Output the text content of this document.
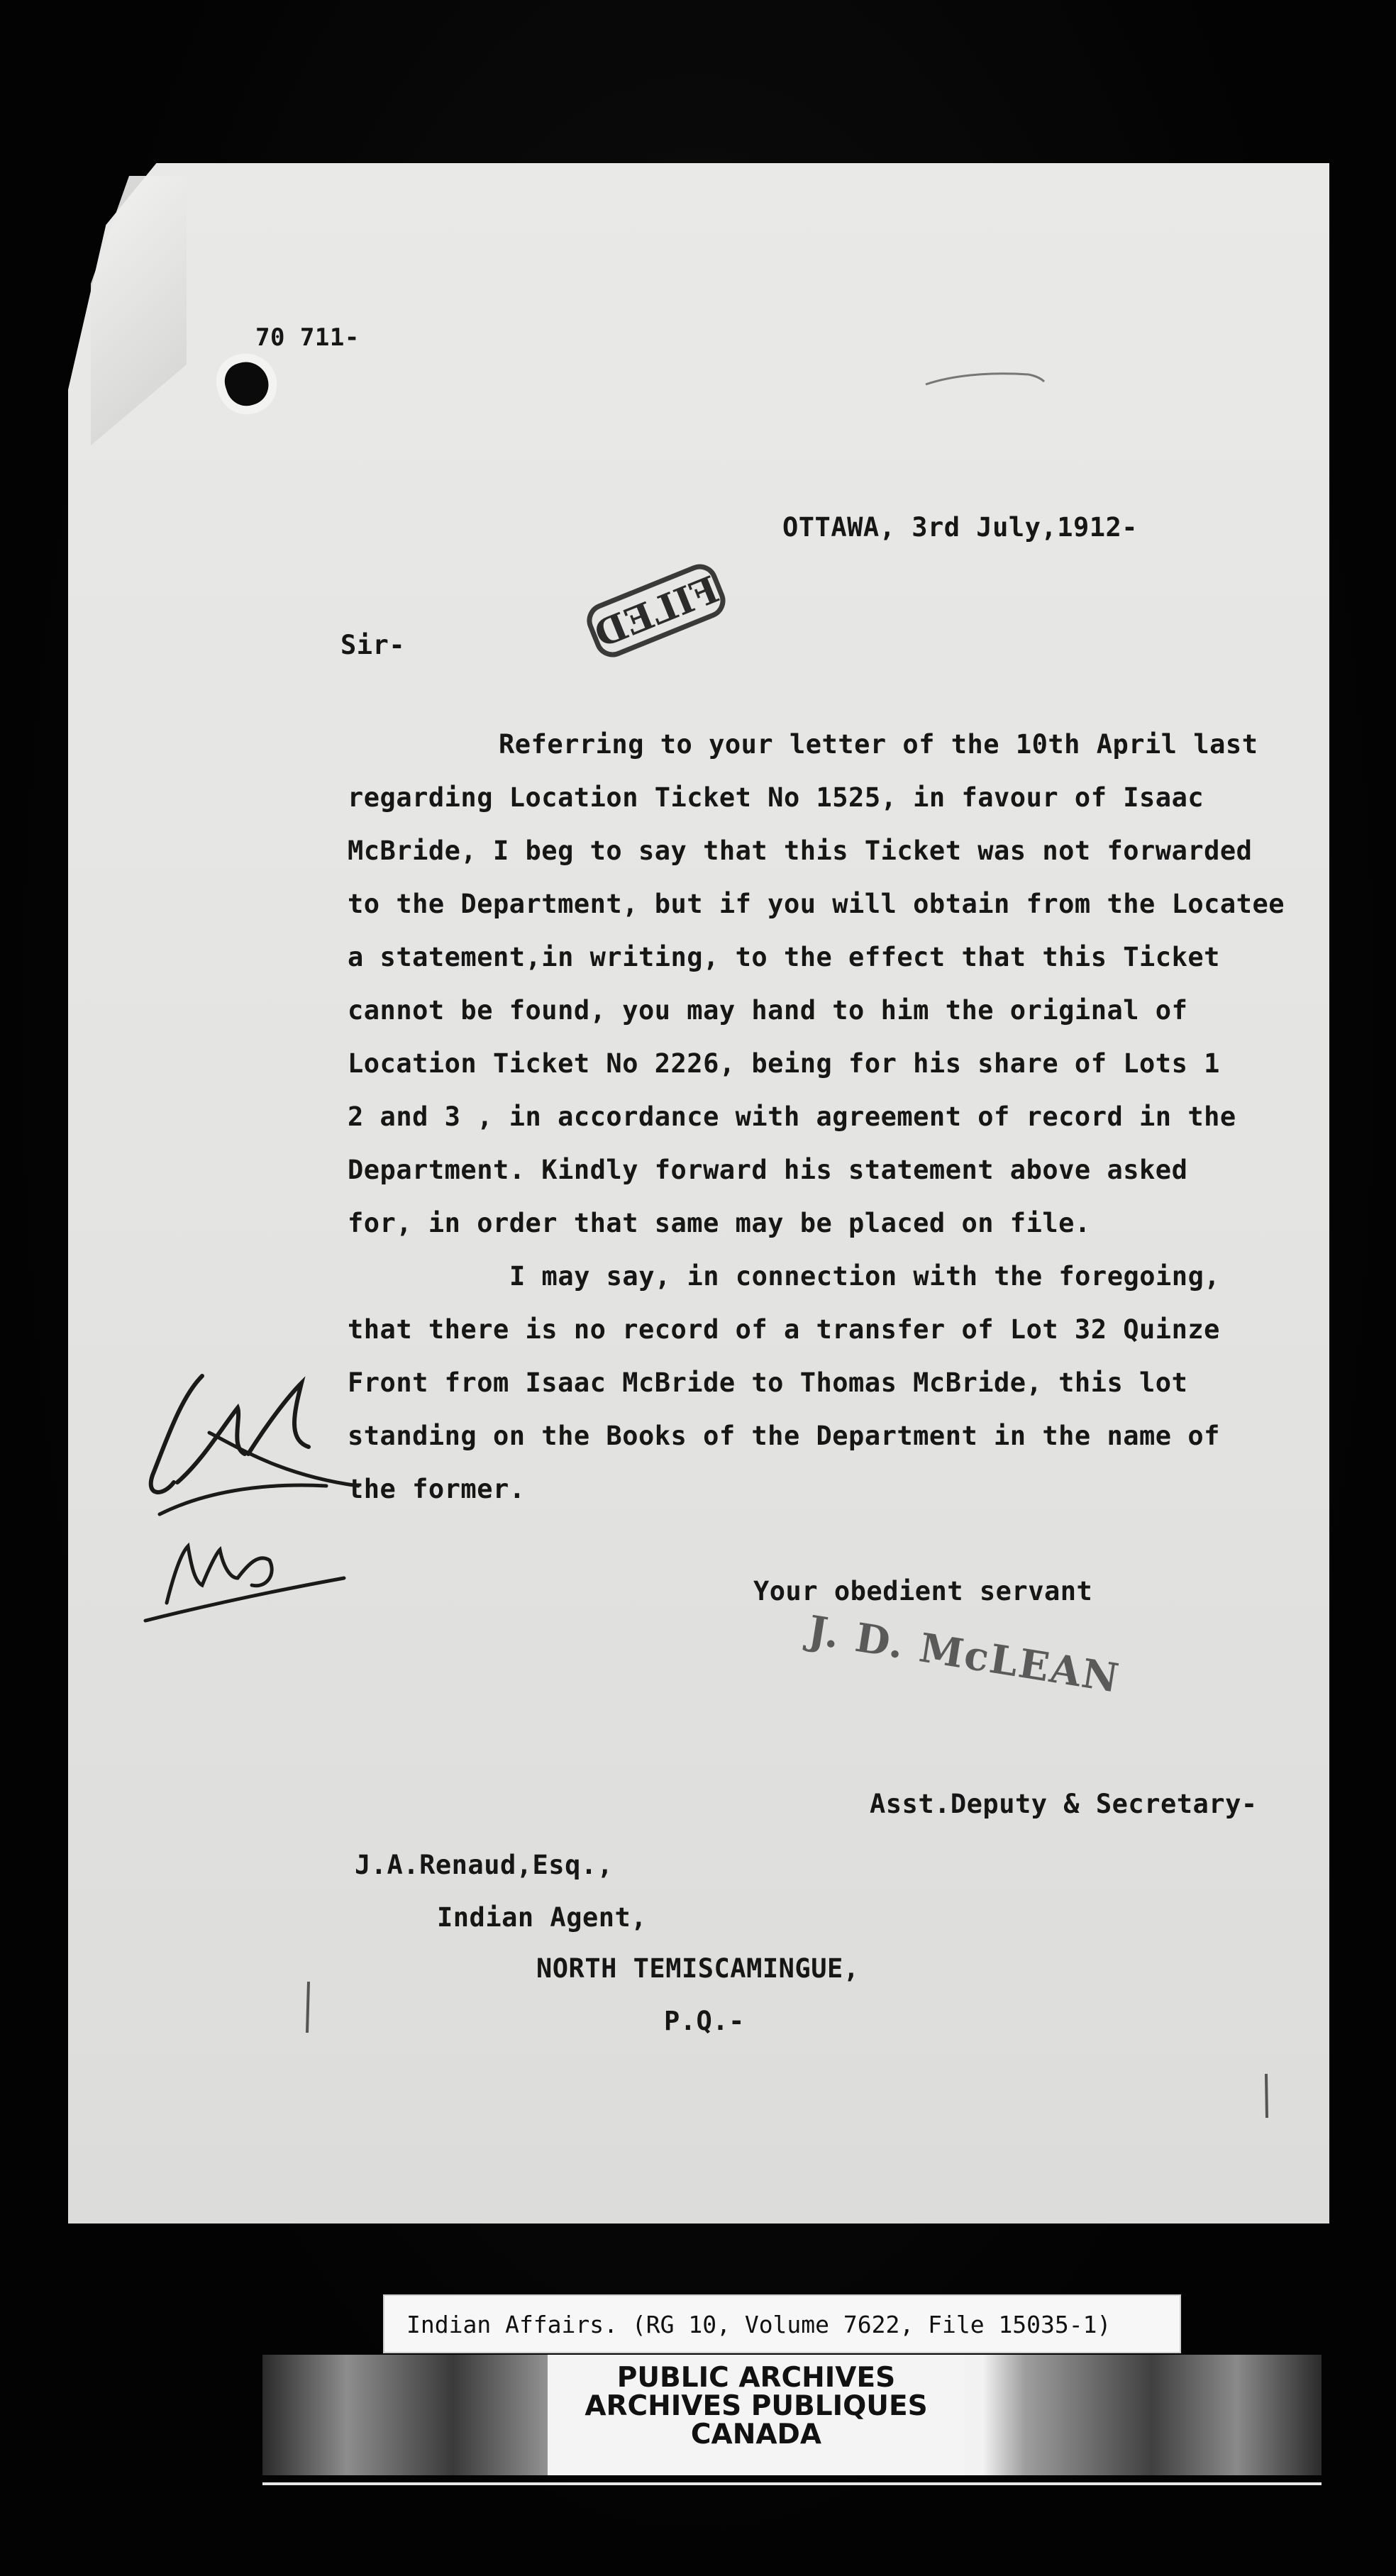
70 711-

OTTAWA, 3rd July,1912-

Sir-	FILED

Referring to your letter of the 10th April last

regarding Location Ticket No 1525, in favour of Isaac

McBride, I beg to say that this Ticket was not forwarded

to the Department, but if you will obtain from the Locatee

a statement,in writing, to the effect that this Ticket

cannot be found, you may hand to him the original of

Location Ticket No 2226, being for his share of Lots 1

2 and 3 , in accordance with agreement of record in the

Department. Kindly forward his statement above asked

for, in order that same may be placed on file.

I may say, in connection with the foregoing,

that there is no record of a transfer of Lot 32 Quinze

Front from Isaac McBride to Thomas McBride, this lot

standing on the Books of the Department in the name of

the former.

Your obedient servant

J. D. McLEAN

Asst.Deputy & Secretary-

J.A.Renaud,Esq.,

Indian Agent,

NORTH TEMISCAMINGUE,

P.Q.-

Indian Affairs. (RG 10, Volume 7622, File 15035-1)

PUBLIC ARCHIVES

ARCHIVES PUBLIQUES

CANADA
